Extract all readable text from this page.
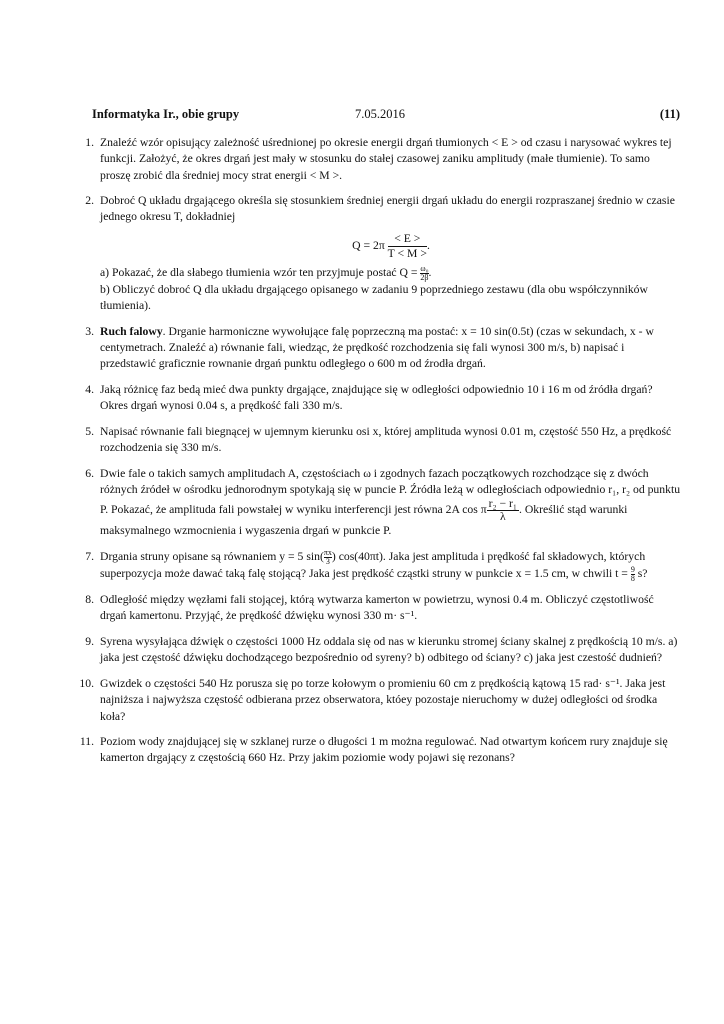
Informatyka Ir., obie grupy	7.05.2016	(11)
1. Znaleźć wzór opisujący zależność uśrednionej po okresie energii drgań tłumionych < E > od czasu i narysować wykres tej funkcji. Założyć, że okres drgań jest mały w stosunku do stałej czasowej zaniku amplitudy (małe tłumienie). To samo proszę zrobić dla średniej mocy strat energii < M >.
2. Dobroć Q układu drgającego określa się stosunkiem średniej energii drgań układu do energii rozpraszanej średnio w czasie jednego okresu T, dokładniej
$Q = 2\pi \frac{< E >}{T < M >}$ .
a) Pokazać, że dla słabego tłumienia wzór ten przyjmuje postać $Q = \frac{\text{ω₀}}{2\beta}$ .
b) Obliczyć dobroć Q dla układu drgającego opisanego w zadaniu 9 poprzedniego zestawu (dla obu współczynników tłumienia).
3. Ruch falowy. Drganie harmoniczne wywołujące falę poprzeczną ma postać: x = 10 sin(0.5t) (czas w sekundach, x - w centymetrach. Znaleźć a) równanie fali, wiedząc, że prędkość rozchodzenia się fali wynosi 300 m/s, b) napisać i przedstawić graficznie rownanie drgań punktu odległego o 600 m od źrodła drgań.
4. Jaką różnicę faz bedą mieć dwa punkty drgające, znajdujące się w odległości odpowiednio 10 i 16 m od źródła drgań? Okres drgań wynosi 0.04 s, a prędkość fali 330 m/s.
5. Napisać równanie fali biegnącej w ujemnym kierunku osi x, której amplituda wynosi 0.01 m, częstość 550 Hz, a prędkość rozchodzenia się 330 m/s.
6. Dwie fale o takich samych amplitudach A, częstościach ω i zgodnych fazach początkowych rozchodzące się z dwóch różnych źródeł w ośrodku jednorodnym spotykają się w puncie P. Źródła leżą w odległościach odpowiednio r₁, r₂ od punktu P. Pokazać, że amplituda fali powstałej w wyniku interferencji jest równa 2A cos π $\frac{\text{r₂ − r₁}}{\lambda}$ . Określić stąd warunki maksymalnego wzmocnienia i wygaszenia drgań w punkcie P.
7. Drgania struny opisane są równaniem y = 5 $\sin( \frac{\pi x}{3}$ ) cos(40πt). Jaka jest amplituda i prędkość fal składowych, których superpozycja może dawać taką falę stojącą? Jaka jest prędkość cząstki struny w punkcie x = 1.5 cm, w chwili $t = \frac{9}{8} s$?
8. Odległość między węzłami fali stojącej, którą wytwarza kamerton w powietrzu, wynosi 0.4 m. Obliczyć częstotliwość drgań kamertonu. Przyjąć, że prędkość dźwięku wynosi 330 m· s⁻¹.
9. Syrena wysyłająca dźwięk o częstości 1000 Hz oddala się od nas w kierunku stromej ściany skalnej z prędkością 10 m/s. a) jaka jest częstość dźwięku dochodzącego bezpośrednio od syreny? b) odbitego od ściany? c) jaka jest czestość dudnień?
10. Gwizdek o częstości 540 Hz porusza się po torze kołowym o promieniu 60 cm z prędkością kątową 15 rad· s⁻¹. Jaka jest najniższa i najwyższa częstość odbierana przez obserwatora, któey pozostaje nieruchomy w dużej odległości od środka koła?
11. Poziom wody znajdującej się w szklanej rurze o długości 1 m można regulować. Nad otwartym końcem rury znajduje się kamerton drgający z częstością 660 Hz. Przy jakim poziomie wody pojawi się rezonans?
